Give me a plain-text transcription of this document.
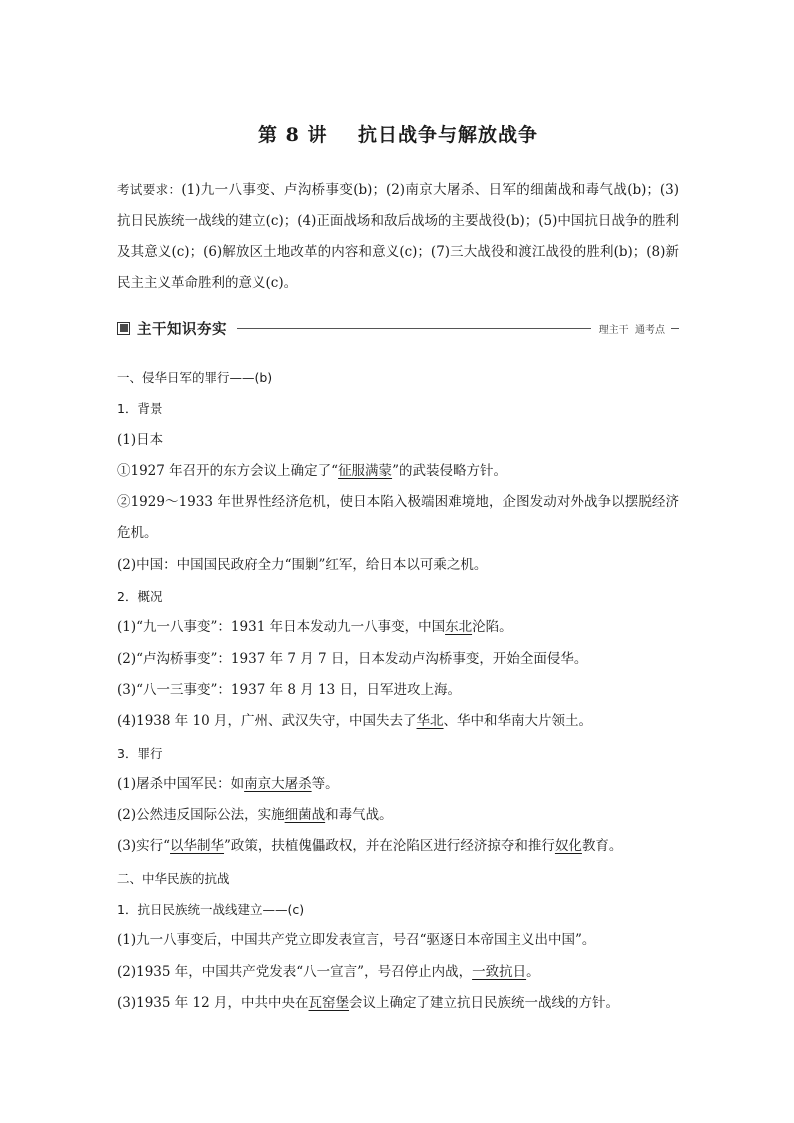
第 8 讲    抗日战争与解放战争
考试要求：(1)九一八事变、卢沟桥事变(b)；(2)南京大屠杀、日军的细菌战和毒气战(b)；(3)抗日民族统一战线的建立(c)；(4)正面战场和敌后战场的主要战役(b)；(5)中国抗日战争的胜利及其意义(c)；(6)解放区土地改革的内容和意义(c)；(7)三大战役和渡江战役的胜利(b)；(8)新民主主义革命胜利的意义(c)。
主干知识夯实	理主干  通考点
一、侵华日军的罪行——(b)
1．背景
(1)日本
①1927 年召开的东方会议上确定了“征服满蒙”的武装侵略方针。
②1929～1933 年世界性经济危机，使日本陷入极端困难境地，企图发动对外战争以摆脱经济危机。
(2)中国：中国国民政府全力“围剿”红军，给日本以可乘之机。
2．概况
(1)“九一八事变”：1931 年日本发动九一八事变，中国东北沦陷。
(2)“卢沟桥事变”：1937 年 7 月 7 日，日本发动卢沟桥事变，开始全面侵华。
(3)“八一三事变”：1937 年 8 月 13 日，日军进攻上海。
(4)1938 年 10 月，广州、武汉失守，中国失去了华北、华中和华南大片领土。
3．罪行
(1)屠杀中国军民：如南京大屠杀等。
(2)公然违反国际公法，实施细菌战和毒气战。
(3)实行“以华制华”政策，扶植傀儡政权，并在沦陷区进行经济掠夺和推行奴化教育。
二、中华民族的抗战
1．抗日民族统一战线建立——(c)
(1)九一八事变后，中国共产党立即发表宣言，号召“驱逐日本帝国主义出中国”。
(2)1935 年，中国共产党发表“八一宣言”，号召停止内战，一致抗日。
(3)1935 年 12 月，中共中央在瓦窑堡会议上确定了建立抗日民族统一战线的方针。
